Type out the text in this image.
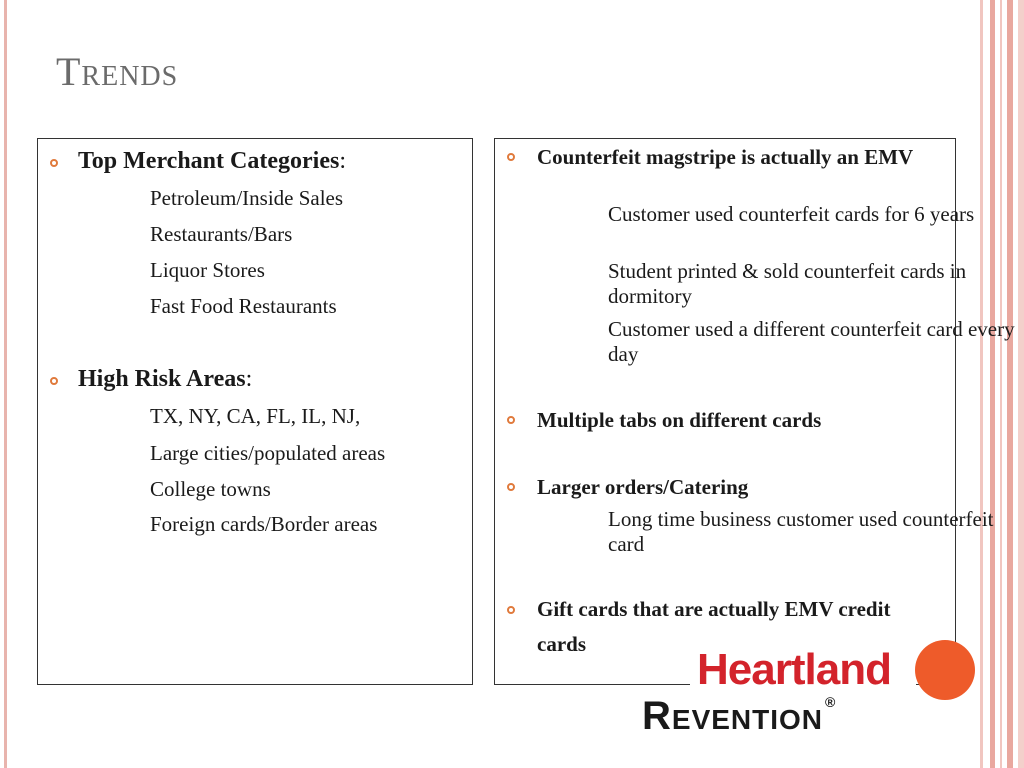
Trends
Top Merchant Categories:
Petroleum/Inside Sales
Restaurants/Bars
Liquor Stores
Fast Food Restaurants
High Risk Areas:
TX, NY, CA, FL, IL, NJ,
Large cities/populated areas
College towns
Foreign cards/Border areas
Counterfeit magstripe is actually an EMV
Customer used counterfeit cards for 6 years
Student printed & sold counterfeit cards in dormitory
Customer used a different counterfeit card every day
Multiple tabs on different cards
Larger orders/Catering
Long time business customer used counterfeit card
Gift cards that are actually EMV credit cards
Heartland
Revention ®
